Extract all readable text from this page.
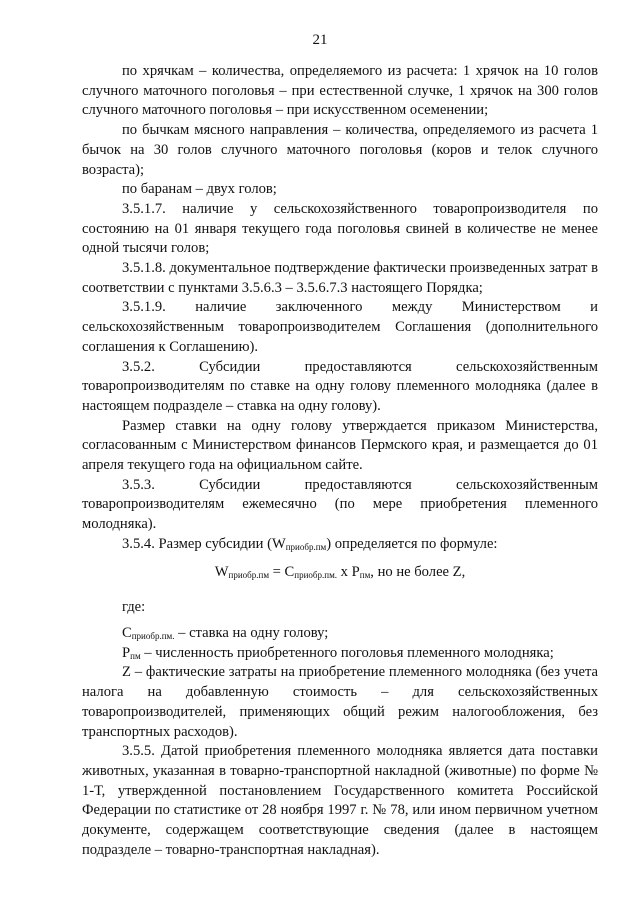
21

по хрячкам – количества, определяемого из расчета: 1 хрячок на 10 голов случного маточного поголовья – при естественной случке, 1 хрячок на 300 голов случного маточного поголовья – при искусственном осеменении;

по бычкам мясного направления – количества, определяемого из расчета 1 бычок на 30 голов случного маточного поголовья (коров и телок случного возраста);

по баранам – двух голов;

3.5.1.7. наличие у сельскохозяйственного товаропроизводителя по состоянию на 01 января текущего года поголовья свиней в количестве не менее одной тысячи голов;

3.5.1.8. документальное подтверждение фактически произведенных затрат в соответствии с пунктами 3.5.6.3 – 3.5.6.7.3 настоящего Порядка;

3.5.1.9. наличие заключенного между Министерством и сельскохозяйственным товаропроизводителем Соглашения (дополнительного соглашения к Соглашению).

3.5.2. Субсидии предоставляются сельскохозяйственным товаропроизводителям по ставке на одну голову племенного молодняка (далее в настоящем подразделе – ставка на одну голову).

Размер ставки на одну голову утверждается приказом Министерства, согласованным с Министерством финансов Пермского края, и размещается до 01 апреля текущего года на официальном сайте.

3.5.3. Субсидии предоставляются сельскохозяйственным товаропроизводителям ежемесячно (по мере приобретения племенного молодняка).

3.5.4. Размер субсидии $(W_{приобр.пм})$ определяется по формуле:

$W_{приобр.пм} = C_{приобр.пм.}$ x $P_{пм}$, но не более Z,

где:

$C_{приобр.пм.}$ – ставка на одну голову;

$P_{пм}$ – численность приобретенного поголовья племенного молодняка;

Z – фактические затраты на приобретение племенного молодняка (без учета налога на добавленную стоимость – для сельскохозяйственных товаропроизводителей, применяющих общий режим налогообложения, без транспортных расходов).

3.5.5. Датой приобретения племенного молодняка является дата поставки животных, указанная в товарно-транспортной накладной (животные) по форме № 1-Т, утвержденной постановлением Государственного комитета Российской Федерации по статистике от 28 ноября 1997 г. № 78, или ином первичном учетном документе, содержащем соответствующие сведения (далее в настоящем подразделе – товарно-транспортная накладная).
